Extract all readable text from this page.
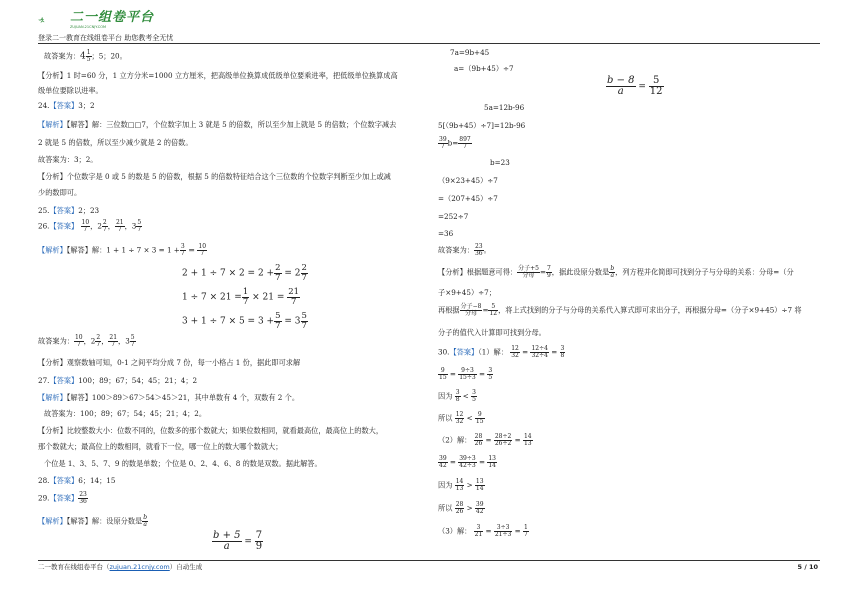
二一组卷平台
ZUJUAN.21CNJY.COM
登录二一教育在线组卷平台 助您教考全无忧
故答案为：$4 \frac{1}{5}$ ；5；20。
【分析】1 时=60 分，1 立方分米=1000 立方厘米，把高级单位换算成低级单位要乘进率，把低级单位换算成高
级单位要除以进率。
24.【答案】3；2
【解析】【解答】解：三位数□□7，个位数字加上 3 就是 5 的倍数，所以至少加上就是 5 的倍数；个位数字减去
2 就是 5 的倍数，所以至少减少就是 2 的倍数。
故答案为：3；2。
【分析】个位数字是 0 或 5 的数是 5 的倍数，根据 5 的倍数特征结合这个三位数的个位数字判断至少加上或减
少的数即可。
25.【答案】2；23
26.【答案】 $\frac{10}{7}$ ，$2 \frac{2}{7}$ ， $\frac{21}{7}$ ，$3 \frac{5}{7}$
【解析】【解答】解：$1 + 1 \div 7 \times 3 = 1 + \frac{3}{7} = \frac{10}{7}$
$2 + 1 \div 7 \times 2 = 2 + \frac{2}{7} = 2 \frac{2}{7}$
$1 \div 7 \times 21 = \frac{1}{7} \times 21 = \frac{21}{7}$
$3 + 1 \div 7 \times 5 = 3 + \frac{5}{7} = 3 \frac{5}{7}$
故答案为： $\frac{10}{7}$ ，$2 \frac{2}{7}$ ， $\frac{21}{7}$ ，$3 \frac{5}{7}$
【分析】观察数轴可知，0-1 之间平均分成 7 份，每一小格占 1 份，据此即可求解
27.【答案】100；89；67；54；45；21；4；2
【解析】【解答】100＞89＞67＞54＞45＞21，其中单数有 4 个，双数有 2 个。
故答案为：100；89；67；54；45；21；4；2。
【分析】比较整数大小：位数不同的，位数多的那个数就大；如果位数相同，就看最高位，最高位上的数大，
那个数就大；最高位上的数相同，就看下一位，哪一位上的数大哪个数就大；
个位是 1、3、5、7、9 的数是单数；个位是 0、2、4、6、8 的数是双数。据此解答。
28.【答案】6；14；15
29.【答案】 $\frac{23}{36}$
【解析】【解答】解：设原分数是 $\frac{b}{a}$
$\frac{b + 5}{a} = \frac{7}{9}$
7a=9b+45
a=（9b+45）÷7
$\frac{b - 8}{a} = \frac{5}{12}$
5a=12b-96
5[（9b+45）÷7]=12b-96
$\frac{39}{7} b= \frac{897}{7}$
b=23
（9×23+45）÷7
=（207+45）÷7
=252÷7
=36
故答案为： $\frac{23}{36}$ 。
【分析】根据题意可得： $\frac{\text{分子+5}}{\text{分母}} = \frac{7}{9}$ ，据此设原分数是 $\frac{b}{a}$ ，列方程并化简即可找到分子与分母的关系：分母=（分
子×9+45）÷7；
再根据 $\frac{\text{分子−8}}{\text{分母}} = \frac{5}{12}$ ，将上式找到的分子与分母的关系代入算式即可求出分子，再根据分母=（分子×9+45）÷7 将
分子的值代入计算即可找到分母。
30.【答案】（1）解： $\frac{12}{32} = \frac{12\div 4}{32\div 4} = \frac{3}{8}$
$\frac{9}{15} = \frac{9\div 3}{15\div 3} = \frac{3}{5}$
因为 $\frac{3}{8} < \frac{3}{5}$
所以 $\frac{12}{32} < \frac{9}{15}$
（2）解： $\frac{28}{26} = \frac{28\div 2}{26\div 2} = \frac{14}{13}$
$\frac{39}{42} = \frac{39\div 3}{42\div 3} = \frac{13}{14}$
因为 $\frac{14}{13} > \frac{13}{14}$
所以 $\frac{28}{26} > \frac{39}{42}$
（3）解： $\frac{3}{21} = \frac{3\div 3}{21\div 3} = \frac{1}{7}$
二一教育在线组卷平台（zujuan.21cnjy.com）自动生成	5 / 10
